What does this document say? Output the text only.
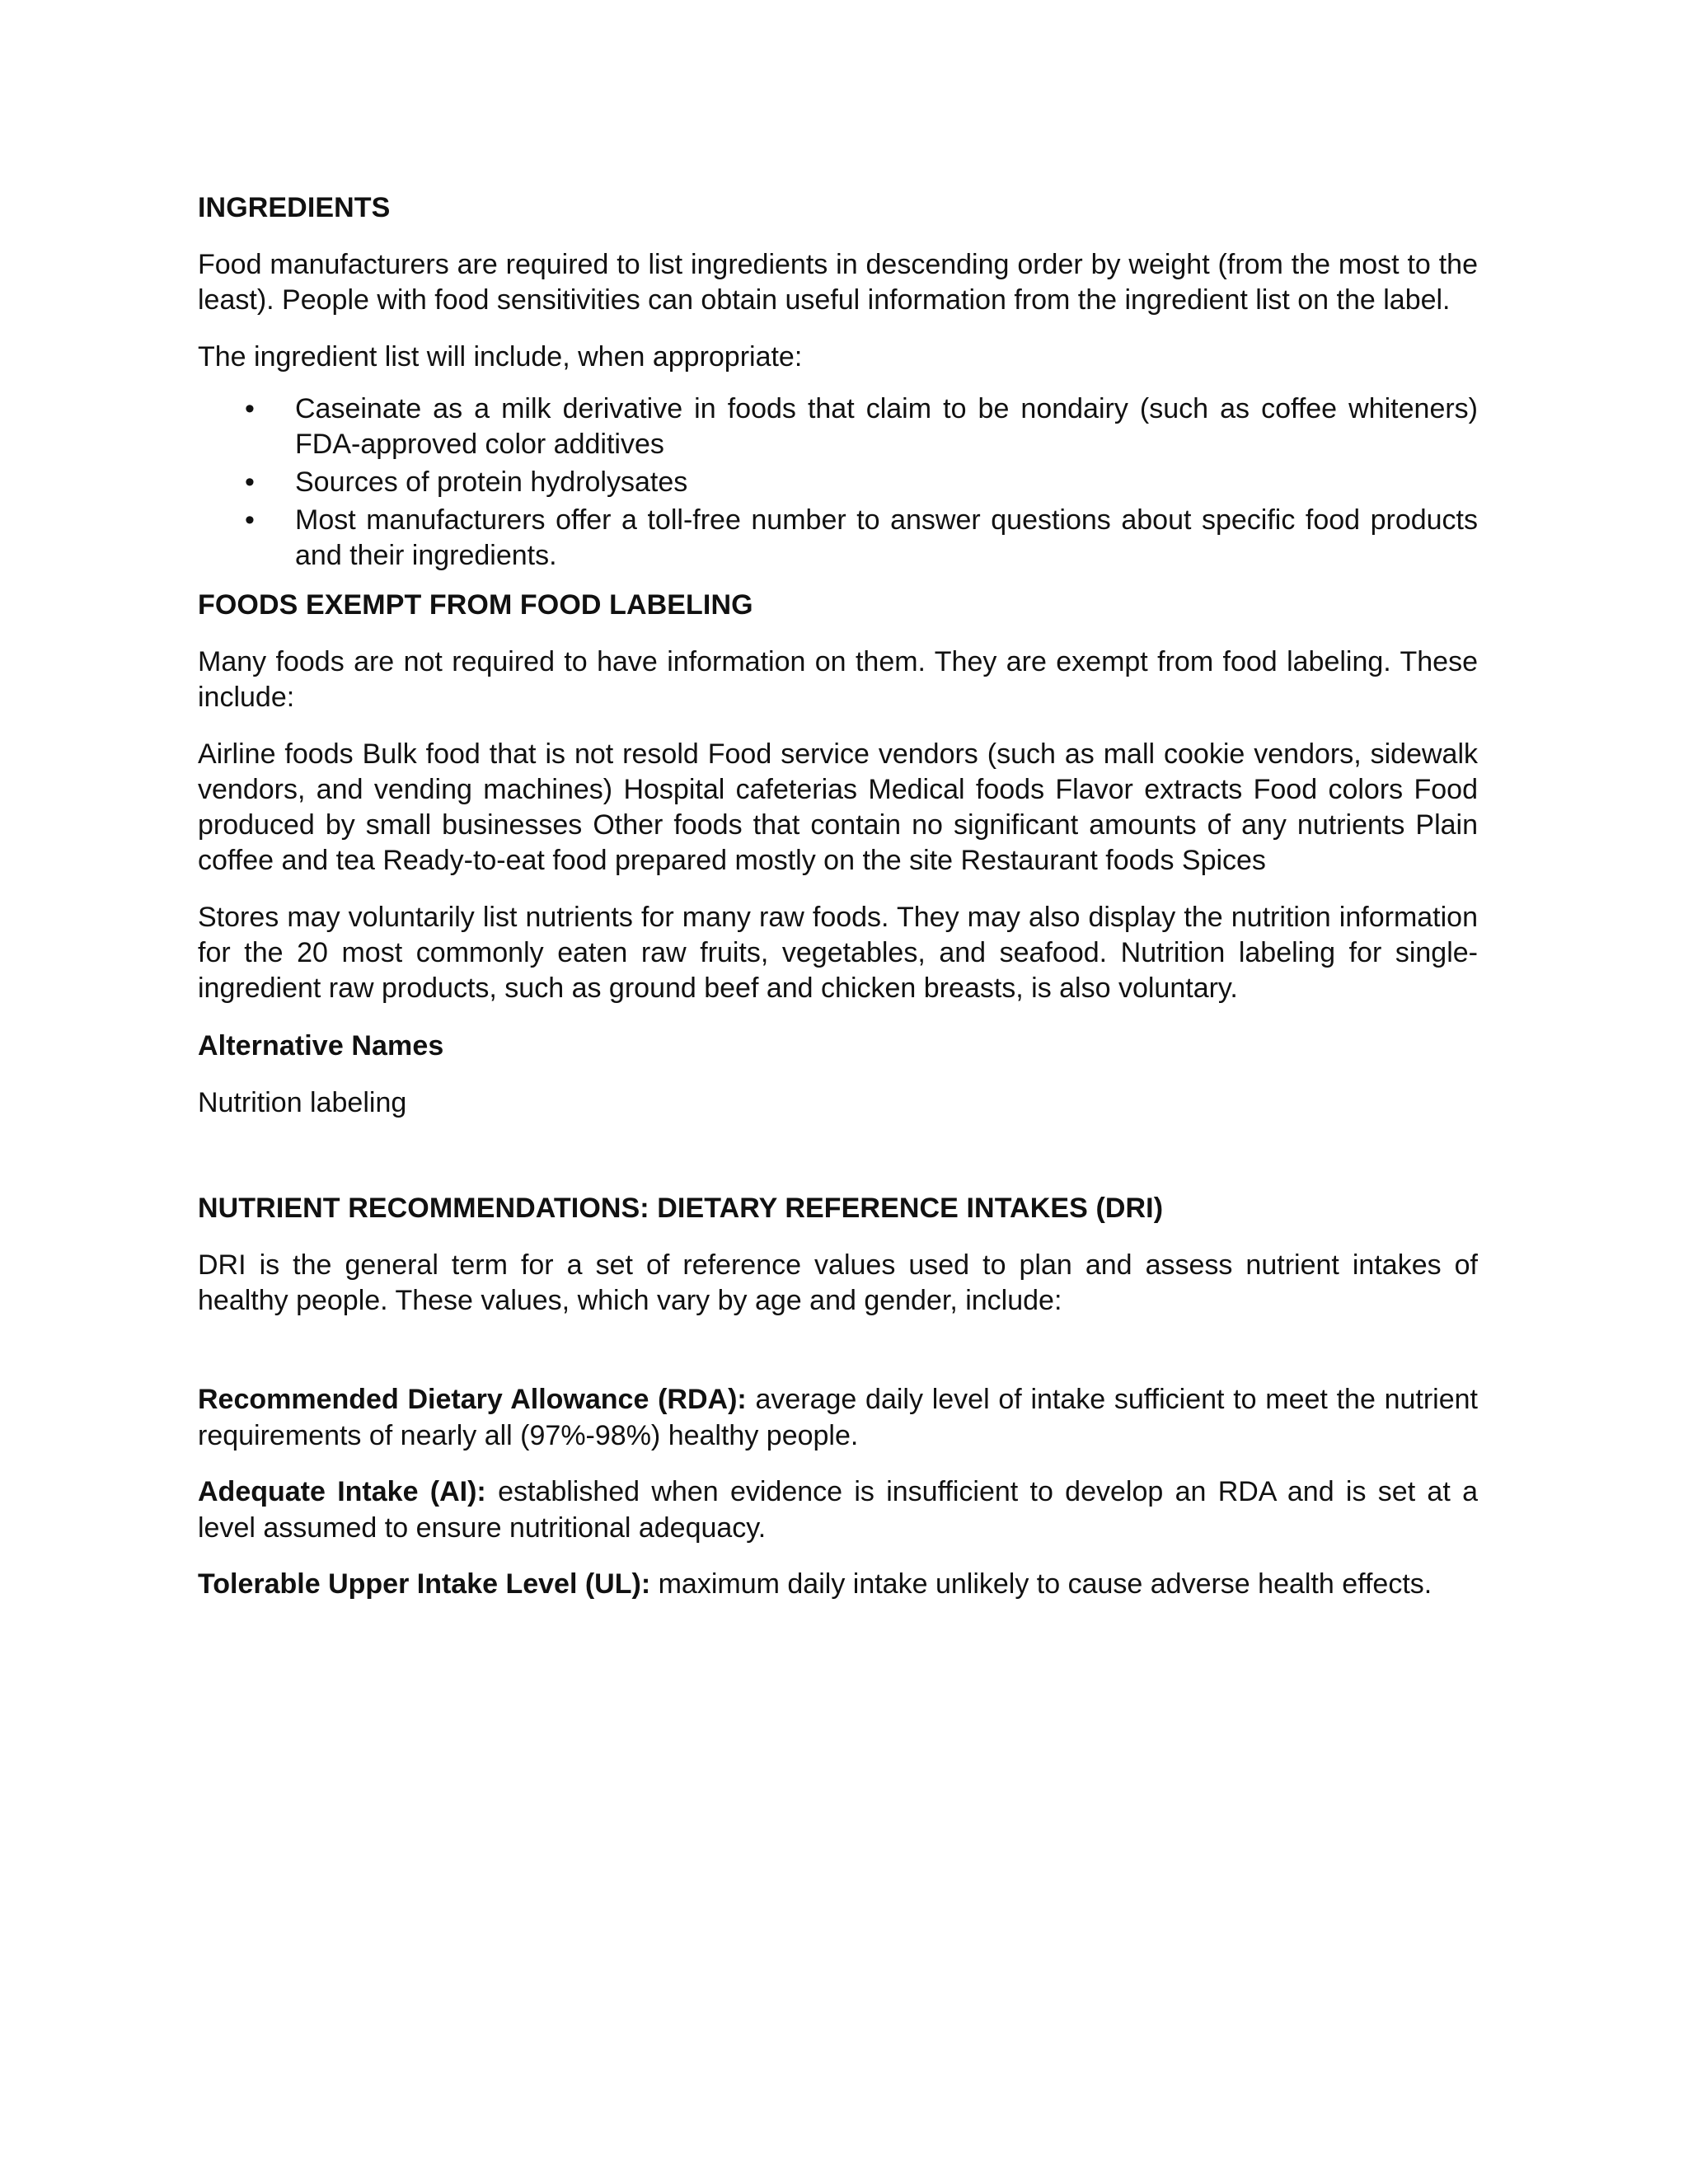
INGREDIENTS
Food manufacturers are required to list ingredients in descending order by weight (from the most to the least). People with food sensitivities can obtain useful information from the ingredient list on the label.
The ingredient list will include, when appropriate:
• Caseinate as a milk derivative in foods that claim to be nondairy (such as coffee whiteners) FDA-approved color additives
• Sources of protein hydrolysates
• Most manufacturers offer a toll-free number to answer questions about specific food products and their ingredients.
FOODS EXEMPT FROM FOOD LABELING
Many foods are not required to have information on them. They are exempt from food labeling. These include:
Airline foods Bulk food that is not resold Food service vendors (such as mall cookie vendors, sidewalk vendors, and vending machines) Hospital cafeterias Medical foods Flavor extracts Food colors Food produced by small businesses Other foods that contain no significant amounts of any nutrients Plain coffee and tea Ready-to-eat food prepared mostly on the site Restaurant foods Spices
Stores may voluntarily list nutrients for many raw foods. They may also display the nutrition information for the 20 most commonly eaten raw fruits, vegetables, and seafood. Nutrition labeling for single-ingredient raw products, such as ground beef and chicken breasts, is also voluntary.
Alternative Names
Nutrition labeling
NUTRIENT RECOMMENDATIONS: DIETARY REFERENCE INTAKES (DRI)
DRI is the general term for a set of reference values used to plan and assess nutrient intakes of healthy people. These values, which vary by age and gender, include:
Recommended Dietary Allowance (RDA): average daily level of intake sufficient to meet the nutrient requirements of nearly all (97%-98%) healthy people.
Adequate Intake (AI): established when evidence is insufficient to develop an RDA and is set at a level assumed to ensure nutritional adequacy.
Tolerable Upper Intake Level (UL): maximum daily intake unlikely to cause adverse health effects.
